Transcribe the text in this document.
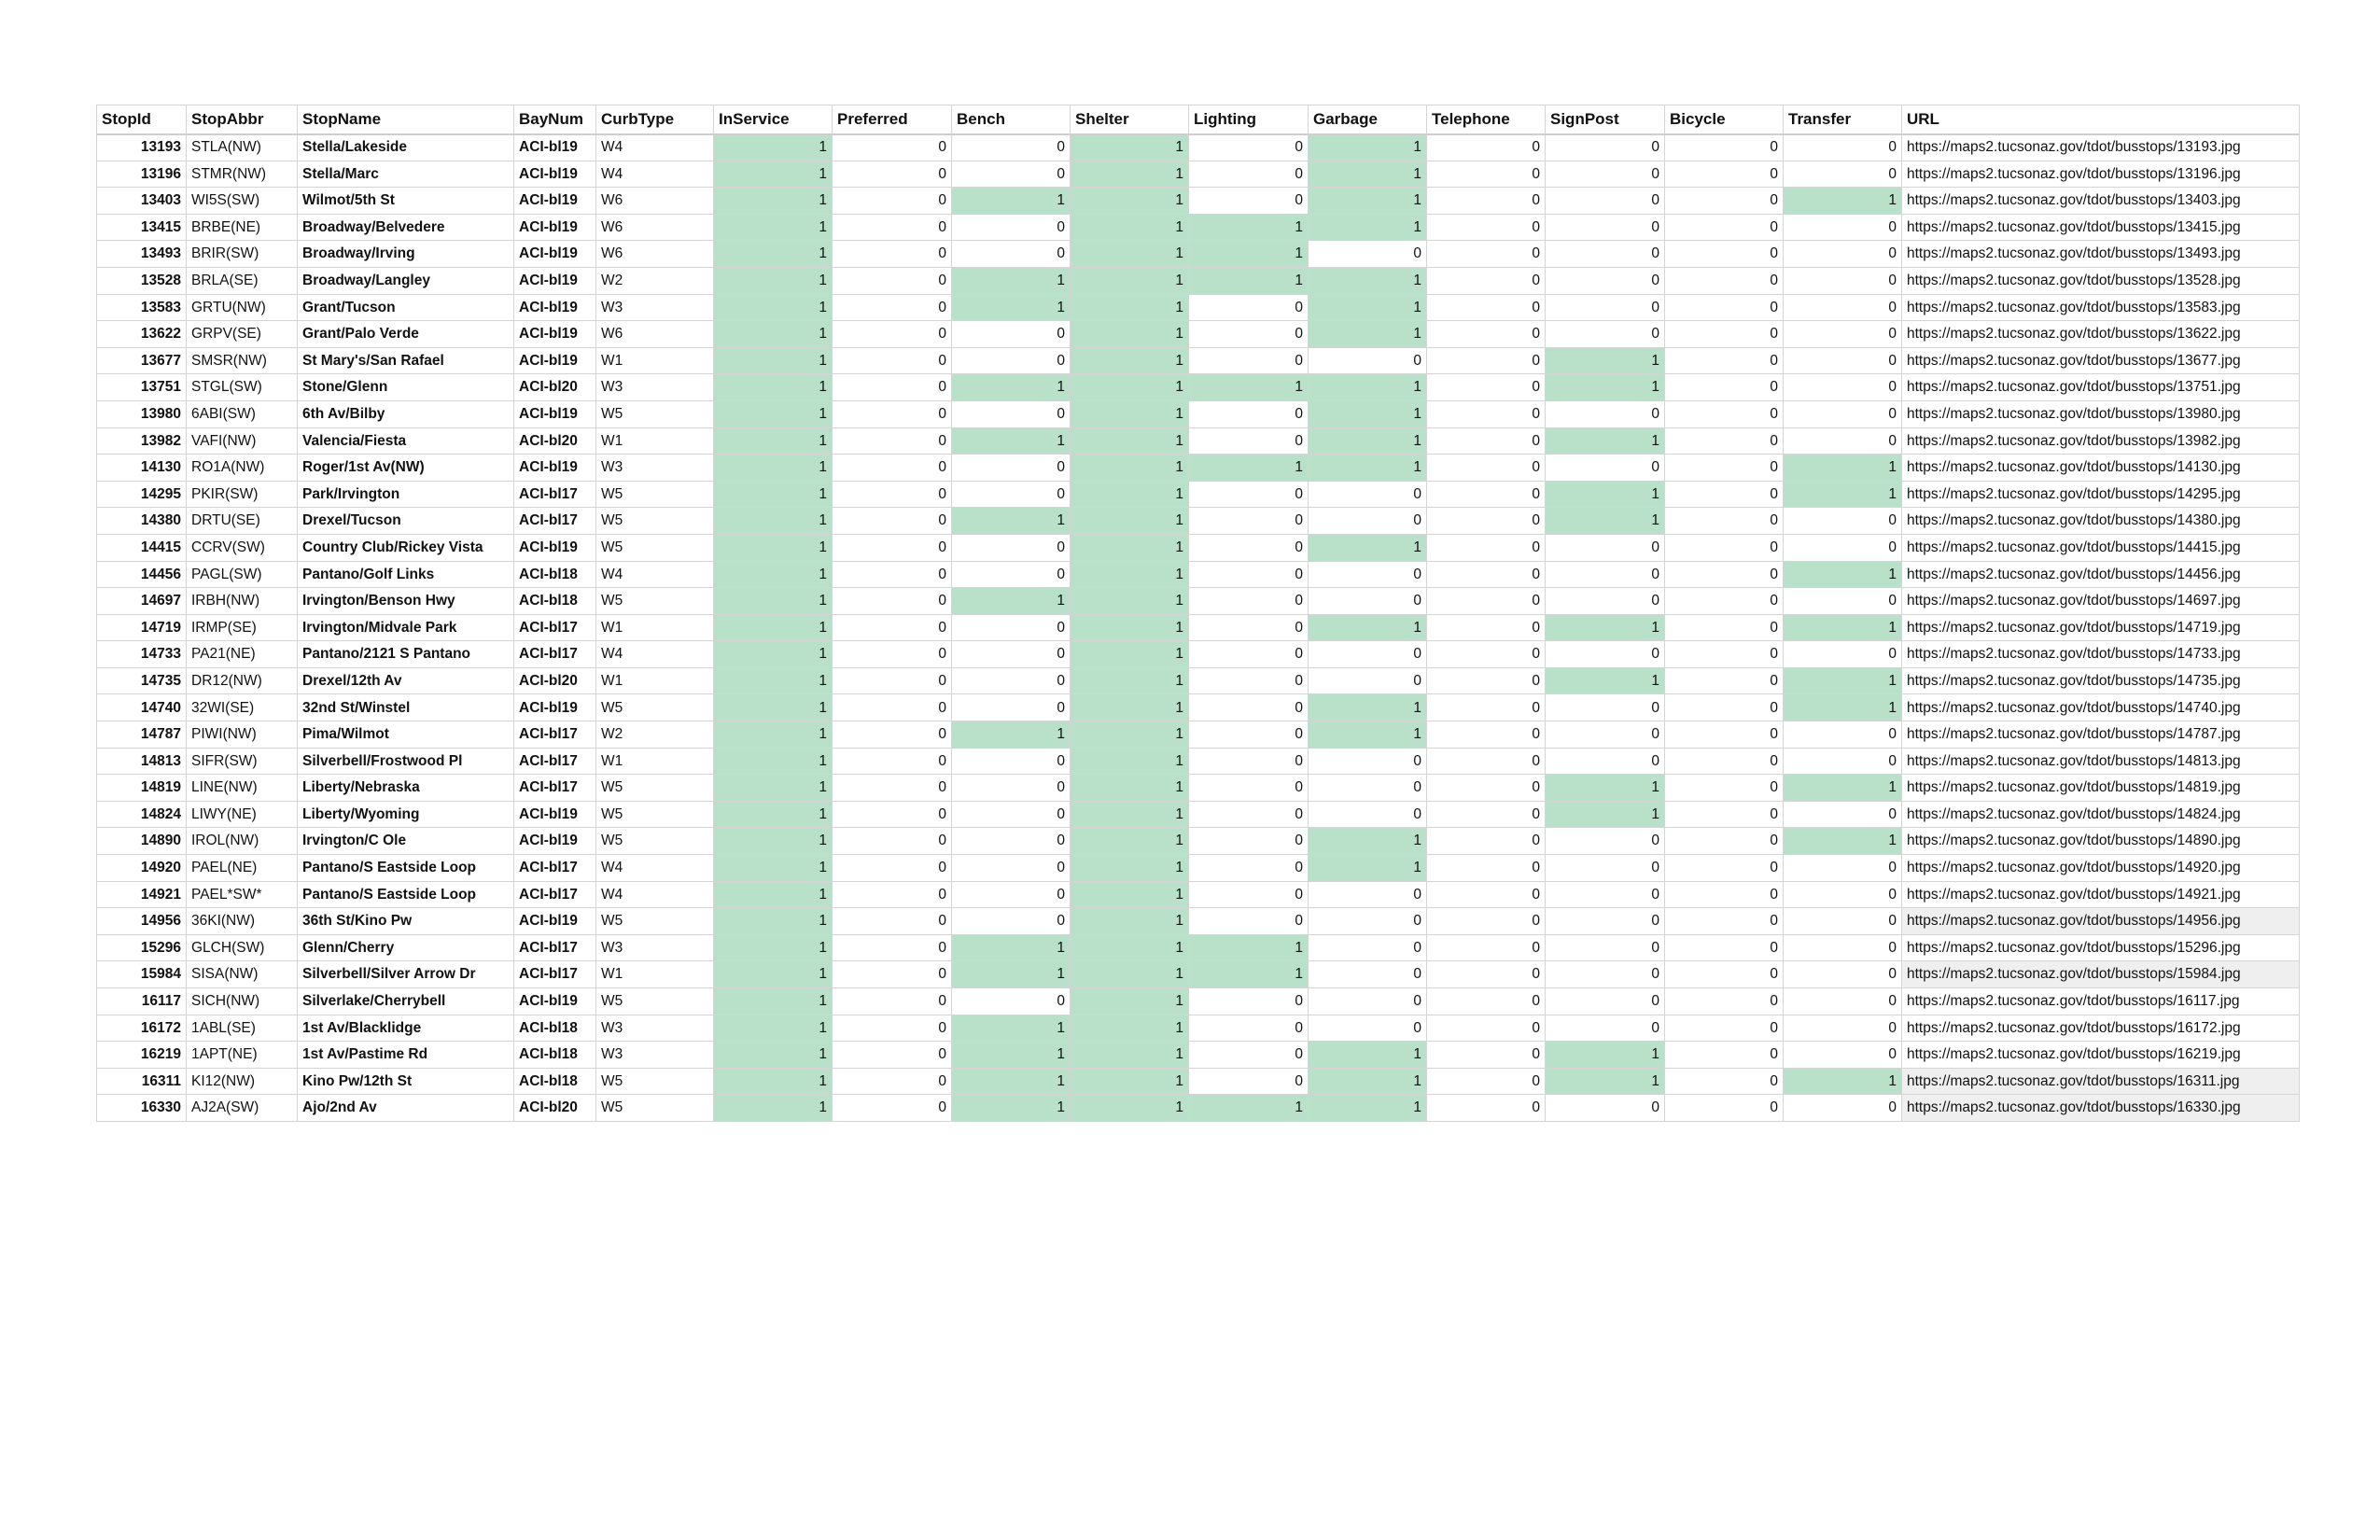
StopId	StopAbbr	StopName	BayNum	CurbType	InService	Preferred	Bench	Shelter	Lighting	Garbage	Telephone	SignPost	Bicycle	Transfer	URL
13193	STLA(NW)	Stella/Lakeside	ACI-bl19	W4	1	0	0	1	0	1	0	0	0	0	https://maps2.tucsonaz.gov/tdot/busstops/13193.jpg
13196	STMR(NW)	Stella/Marc	ACI-bl19	W4	1	0	0	1	0	1	0	0	0	0	https://maps2.tucsonaz.gov/tdot/busstops/13196.jpg
13403	WI5S(SW)	Wilmot/5th St	ACI-bl19	W6	1	0	1	1	0	1	0	0	0	1	https://maps2.tucsonaz.gov/tdot/busstops/13403.jpg
13415	BRBE(NE)	Broadway/Belvedere	ACI-bl19	W6	1	0	0	1	1	1	0	0	0	0	https://maps2.tucsonaz.gov/tdot/busstops/13415.jpg
13493	BRIR(SW)	Broadway/Irving	ACI-bl19	W6	1	0	0	1	1	0	0	0	0	0	https://maps2.tucsonaz.gov/tdot/busstops/13493.jpg
13528	BRLA(SE)	Broadway/Langley	ACI-bl19	W2	1	0	1	1	1	1	0	0	0	0	https://maps2.tucsonaz.gov/tdot/busstops/13528.jpg
13583	GRTU(NW)	Grant/Tucson	ACI-bl19	W3	1	0	1	1	0	1	0	0	0	0	https://maps2.tucsonaz.gov/tdot/busstops/13583.jpg
13622	GRPV(SE)	Grant/Palo Verde	ACI-bl19	W6	1	0	0	1	0	1	0	0	0	0	https://maps2.tucsonaz.gov/tdot/busstops/13622.jpg
13677	SMSR(NW)	St Mary's/San Rafael	ACI-bl19	W1	1	0	0	1	0	0	0	1	0	0	https://maps2.tucsonaz.gov/tdot/busstops/13677.jpg
13751	STGL(SW)	Stone/Glenn	ACI-bl20	W3	1	0	1	1	1	1	0	1	0	0	https://maps2.tucsonaz.gov/tdot/busstops/13751.jpg
13980	6ABI(SW)	6th Av/Bilby	ACI-bl19	W5	1	0	0	1	0	1	0	0	0	0	https://maps2.tucsonaz.gov/tdot/busstops/13980.jpg
13982	VAFI(NW)	Valencia/Fiesta	ACI-bl20	W1	1	0	1	1	0	1	0	1	0	0	https://maps2.tucsonaz.gov/tdot/busstops/13982.jpg
14130	RO1A(NW)	Roger/1st Av(NW)	ACI-bl19	W3	1	0	0	1	1	1	0	0	0	1	https://maps2.tucsonaz.gov/tdot/busstops/14130.jpg
14295	PKIR(SW)	Park/Irvington	ACI-bl17	W5	1	0	0	1	0	0	0	1	0	1	https://maps2.tucsonaz.gov/tdot/busstops/14295.jpg
14380	DRTU(SE)	Drexel/Tucson	ACI-bl17	W5	1	0	1	1	0	0	0	1	0	0	https://maps2.tucsonaz.gov/tdot/busstops/14380.jpg
14415	CCRV(SW)	Country Club/Rickey Vista	ACI-bl19	W5	1	0	0	1	0	1	0	0	0	0	https://maps2.tucsonaz.gov/tdot/busstops/14415.jpg
14456	PAGL(SW)	Pantano/Golf Links	ACI-bl18	W4	1	0	0	1	0	0	0	0	0	1	https://maps2.tucsonaz.gov/tdot/busstops/14456.jpg
14697	IRBH(NW)	Irvington/Benson Hwy	ACI-bl18	W5	1	0	1	1	0	0	0	0	0	0	https://maps2.tucsonaz.gov/tdot/busstops/14697.jpg
14719	IRMP(SE)	Irvington/Midvale Park	ACI-bl17	W1	1	0	0	1	0	1	0	1	0	1	https://maps2.tucsonaz.gov/tdot/busstops/14719.jpg
14733	PA21(NE)	Pantano/2121 S Pantano	ACI-bl17	W4	1	0	0	1	0	0	0	0	0	0	https://maps2.tucsonaz.gov/tdot/busstops/14733.jpg
14735	DR12(NW)	Drexel/12th Av	ACI-bl20	W1	1	0	0	1	0	0	0	1	0	1	https://maps2.tucsonaz.gov/tdot/busstops/14735.jpg
14740	32WI(SE)	32nd St/Winstel	ACI-bl19	W5	1	0	0	1	0	1	0	0	0	1	https://maps2.tucsonaz.gov/tdot/busstops/14740.jpg
14787	PIWI(NW)	Pima/Wilmot	ACI-bl17	W2	1	0	1	1	0	1	0	0	0	0	https://maps2.tucsonaz.gov/tdot/busstops/14787.jpg
14813	SIFR(SW)	Silverbell/Frostwood Pl	ACI-bl17	W1	1	0	0	1	0	0	0	0	0	0	https://maps2.tucsonaz.gov/tdot/busstops/14813.jpg
14819	LINE(NW)	Liberty/Nebraska	ACI-bl17	W5	1	0	0	1	0	0	0	1	0	1	https://maps2.tucsonaz.gov/tdot/busstops/14819.jpg
14824	LIWY(NE)	Liberty/Wyoming	ACI-bl19	W5	1	0	0	1	0	0	0	1	0	0	https://maps2.tucsonaz.gov/tdot/busstops/14824.jpg
14890	IROL(NW)	Irvington/C Ole	ACI-bl19	W5	1	0	0	1	0	1	0	0	0	1	https://maps2.tucsonaz.gov/tdot/busstops/14890.jpg
14920	PAEL(NE)	Pantano/S Eastside Loop	ACI-bl17	W4	1	0	0	1	0	1	0	0	0	0	https://maps2.tucsonaz.gov/tdot/busstops/14920.jpg
14921	PAEL*SW*	Pantano/S Eastside Loop	ACI-bl17	W4	1	0	0	1	0	0	0	0	0	0	https://maps2.tucsonaz.gov/tdot/busstops/14921.jpg
14956	36KI(NW)	36th St/Kino Pw	ACI-bl19	W5	1	0	0	1	0	0	0	0	0	0	https://maps2.tucsonaz.gov/tdot/busstops/14956.jpg
15296	GLCH(SW)	Glenn/Cherry	ACI-bl17	W3	1	0	1	1	1	0	0	0	0	0	https://maps2.tucsonaz.gov/tdot/busstops/15296.jpg
15984	SISA(NW)	Silverbell/Silver Arrow Dr	ACI-bl17	W1	1	0	1	1	1	0	0	0	0	0	https://maps2.tucsonaz.gov/tdot/busstops/15984.jpg
16117	SICH(NW)	Silverlake/Cherrybell	ACI-bl19	W5	1	0	0	1	0	0	0	0	0	0	https://maps2.tucsonaz.gov/tdot/busstops/16117.jpg
16172	1ABL(SE)	1st Av/Blacklidge	ACI-bl18	W3	1	0	1	1	0	0	0	0	0	0	https://maps2.tucsonaz.gov/tdot/busstops/16172.jpg
16219	1APT(NE)	1st Av/Pastime Rd	ACI-bl18	W3	1	0	1	1	0	1	0	1	0	0	https://maps2.tucsonaz.gov/tdot/busstops/16219.jpg
16311	KI12(NW)	Kino Pw/12th St	ACI-bl18	W5	1	0	1	1	0	1	0	1	0	1	https://maps2.tucsonaz.gov/tdot/busstops/16311.jpg
16330	AJ2A(SW)	Ajo/2nd Av	ACI-bl20	W5	1	0	1	1	1	1	0	0	0	0	https://maps2.tucsonaz.gov/tdot/busstops/16330.jpg
